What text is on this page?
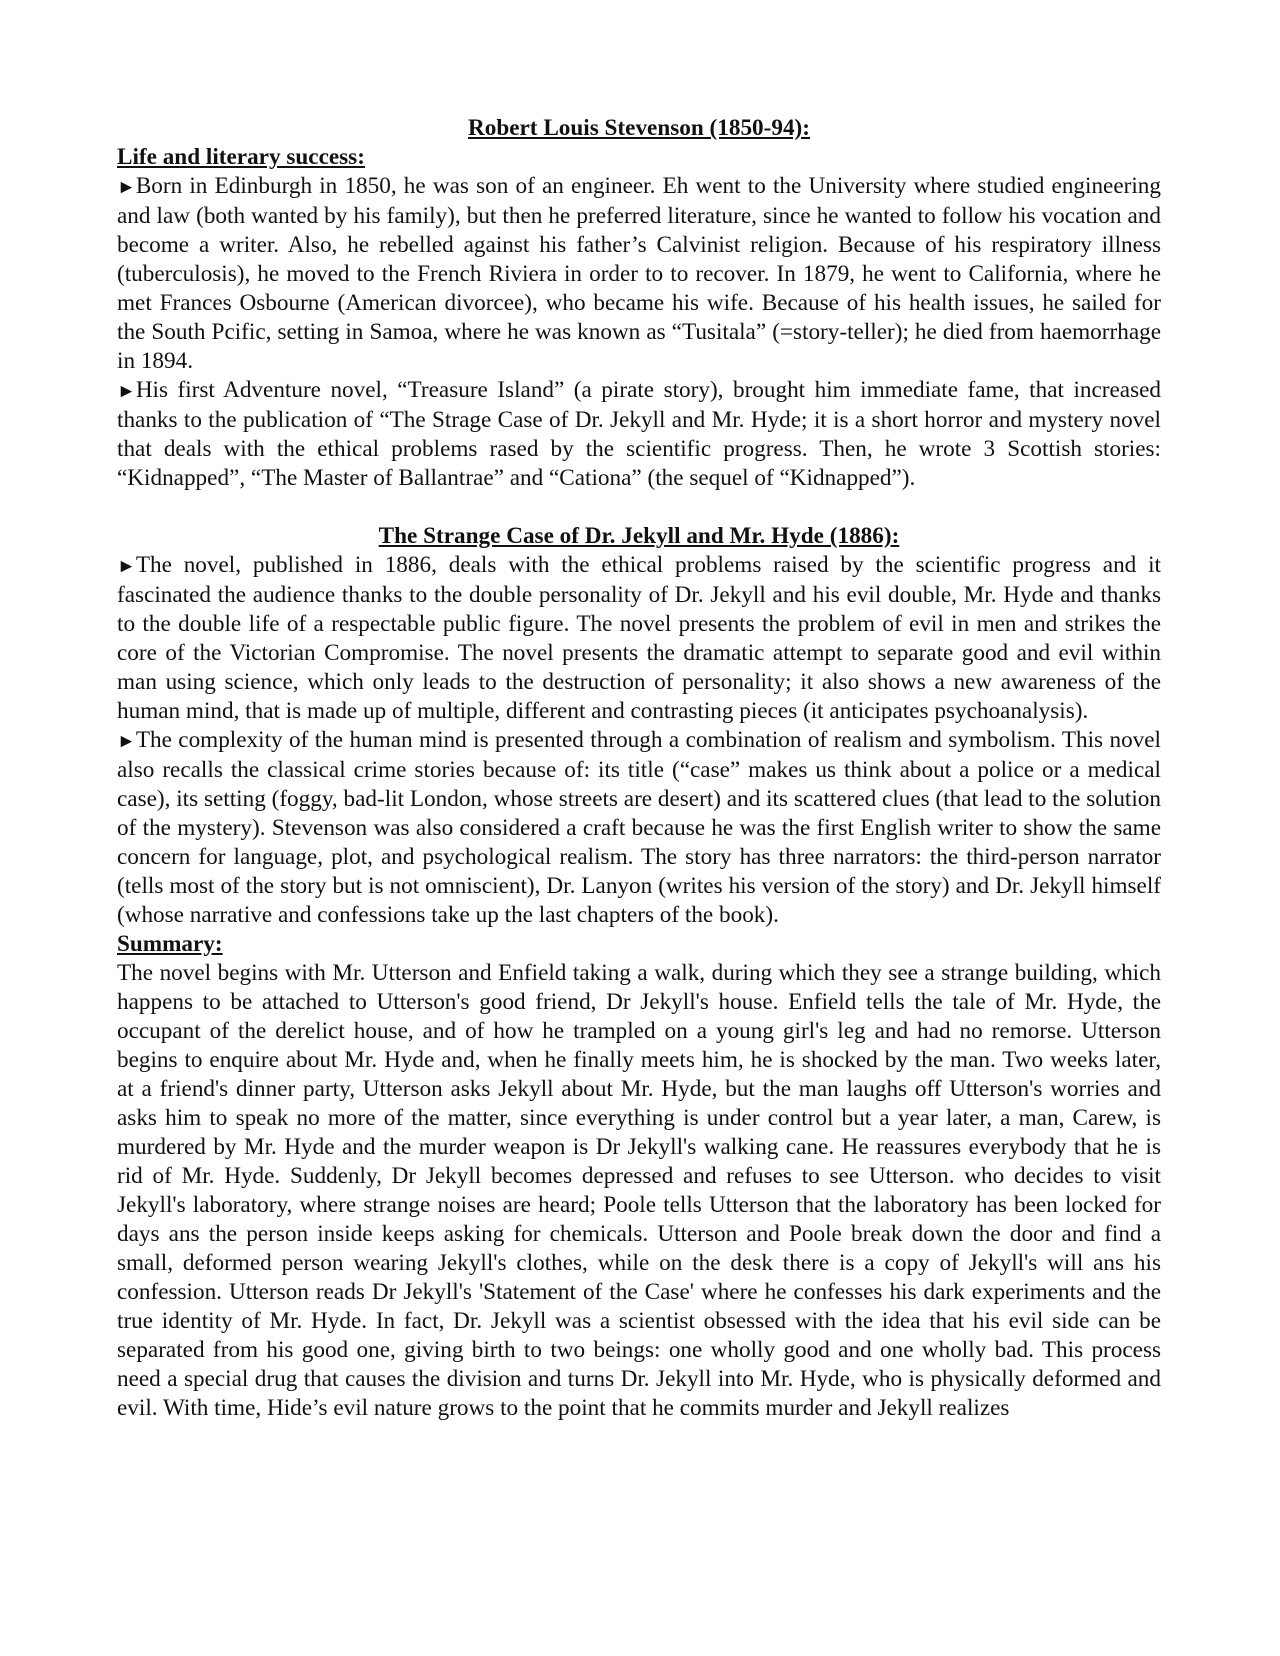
Robert Louis Stevenson (1850-94):
Life and literary success:

►Born in Edinburgh in 1850, he was son of an engineer. Eh went to the University where studied engineering and law (both wanted by his family), but then he preferred literature, since he wanted to follow his vocation and become a writer. Also, he rebelled against his father’s Calvinist religion. Because of his respiratory illness (tuberculosis), he moved to the French Riviera in order to to recover. In 1879, he went to California, where he met Frances Osbourne (American divorcee), who became his wife. Because of his health issues, he sailed for the South Pcific, setting in Samoa, where he was known as “Tusitala” (=story-teller); he died from haemorrhage in 1894.

►His first Adventure novel, “Treasure Island” (a pirate story), brought him immediate fame, that increased thanks to the publication of “The Strage Case of Dr. Jekyll and Mr. Hyde; it is a short horror and mystery novel that deals with the ethical problems rased by the scientific progress. Then, he wrote 3 Scottish stories: “Kidnapped”, “The Master of Ballantrae” and “Cationa” (the sequel of “Kidnapped”).

The Strange Case of Dr. Jekyll and Mr. Hyde (1886):

►The novel, published in 1886, deals with the ethical problems raised by the scientific progress and it fascinated the audience thanks to the double personality of Dr. Jekyll and his evil double, Mr. Hyde and thanks to the double life of a respectable public figure. The novel presents the problem of evil in men and strikes the core of the Victorian Compromise. The novel presents the dramatic attempt to separate good and evil within man using science, which only leads to the destruction of personality; it also shows a new awareness of the human mind, that is made up of multiple, different and contrasting pieces (it anticipates psychoanalysis).

►The complexity of the human mind is presented through a combination of realism and symbolism. This novel also recalls the classical crime stories because of: its title (“case” makes us think about a police or a medical case), its setting (foggy, bad-lit London, whose streets are desert) and its scattered clues (that lead to the solution of the mystery). Stevenson was also considered a craft because he was the first English writer to show the same concern for language, plot, and psychological realism. The story has three narrators: the third-person narrator (tells most of the story but is not omniscient), Dr. Lanyon (writes his version of the story) and Dr. Jekyll himself (whose narrative and confessions take up the last chapters of the book).

Summary:

The novel begins with Mr. Utterson and Enfield taking a walk, during which they see a strange building, which happens to be attached to Utterson's good friend, Dr Jekyll's house. Enfield tells the tale of Mr. Hyde, the occupant of the derelict house, and of how he trampled on a young girl's leg and had no remorse. Utterson begins to enquire about Mr. Hyde and, when he finally meets him, he is shocked by the man. Two weeks later, at a friend's dinner party, Utterson asks Jekyll about Mr. Hyde, but the man laughs off Utterson's worries and asks him to speak no more of the matter, since everything is under control but a year later, a man, Carew, is murdered by Mr. Hyde and the murder weapon is Dr Jekyll's walking cane. He reassures everybody that he is rid of Mr. Hyde. Suddenly, Dr Jekyll becomes depressed and refuses to see Utterson. who decides to visit Jekyll's laboratory, where strange noises are heard; Poole tells Utterson that the laboratory has been locked for days ans the person inside keeps asking for chemicals. Utterson and Poole break down the door and find a small, deformed person wearing Jekyll's clothes, while on the desk there is a copy of Jekyll's will ans his confession. Utterson reads Dr Jekyll's 'Statement of the Case' where he confesses his dark experiments and the true identity of Mr. Hyde. In fact, Dr. Jekyll was a scientist obsessed with the idea that his evil side can be separated from his good one, giving birth to two beings: one wholly good and one wholly bad. This process need a special drug that causes the division and turns Dr. Jekyll into Mr. Hyde, who is physically deformed and evil. With time, Hide’s evil nature grows to the point that he commits murder and Jekyll realizes
